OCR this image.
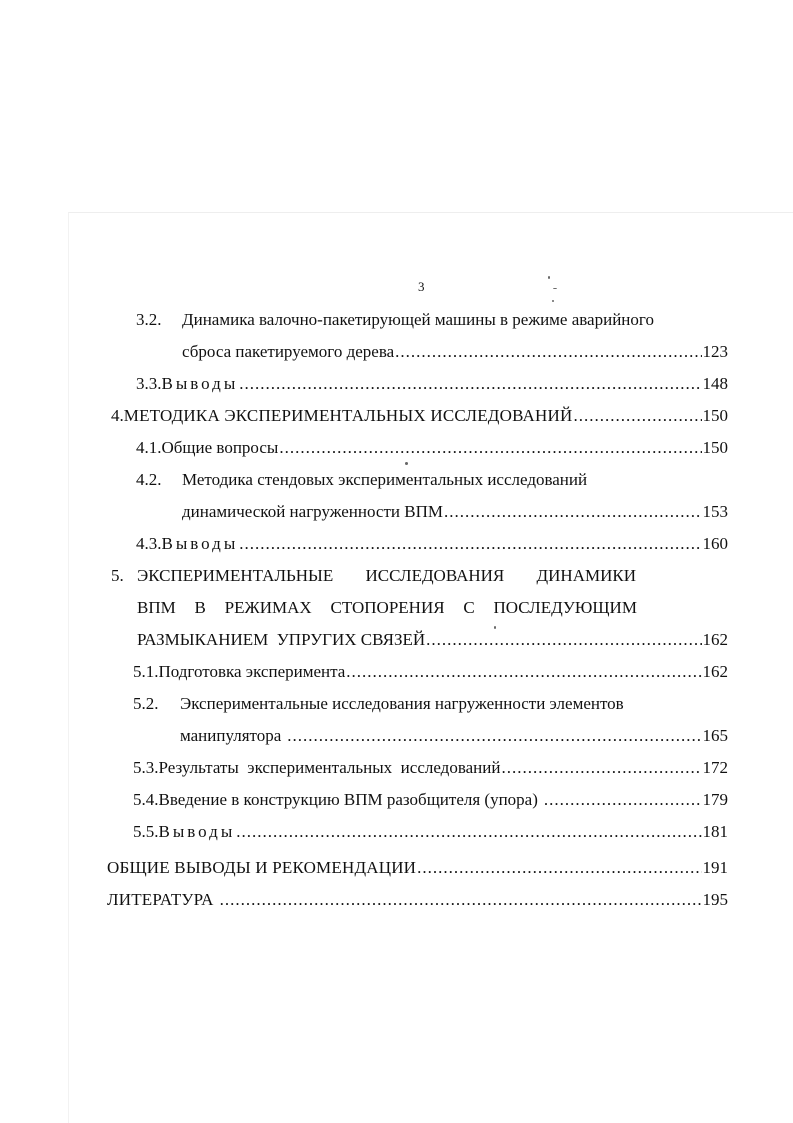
3
3.2.	Динамика валочно-пакетирующей машины в режиме аварийного
сброса пакетируемого дерева .....	123
3.3. Выводы .....	148
4. МЕТОДИКА ЭКСПЕРИМЕНТАЛЬНЫХ ИССЛЕДОВАНИЙ .....	150
4.1. Общие вопросы .....	150
4.2.	Методика стендовых экспериментальных исследований
динамической нагруженности ВПМ .....	153
4.3. Выводы .....	160
5. ЭКСПЕРИМЕНТАЛЬНЫЕ ИССЛЕДОВАНИЯ ДИНАМИКИ
ВПМ В РЕЖИМАХ СТОПОРЕНИЯ С ПОСЛЕДУЮЩИМ
РАЗМЫКАНИЕМ  УПРУГИХ СВЯЗЕЙ .....	162
5.1. Подготовка эксперимента .....	162
5.2.	Экспериментальные исследования нагруженности элементов
манипулятора .....	165
5.3. Результаты  экспериментальных  исследований .....	172
5.4. Введение в конструкцию ВПМ разобщителя (упора) .....	179
5.5. Выводы .....	181
ОБЩИЕ ВЫВОДЫ И РЕКОМЕНДАЦИИ .....	191
ЛИТЕРАТУРА .....	195
